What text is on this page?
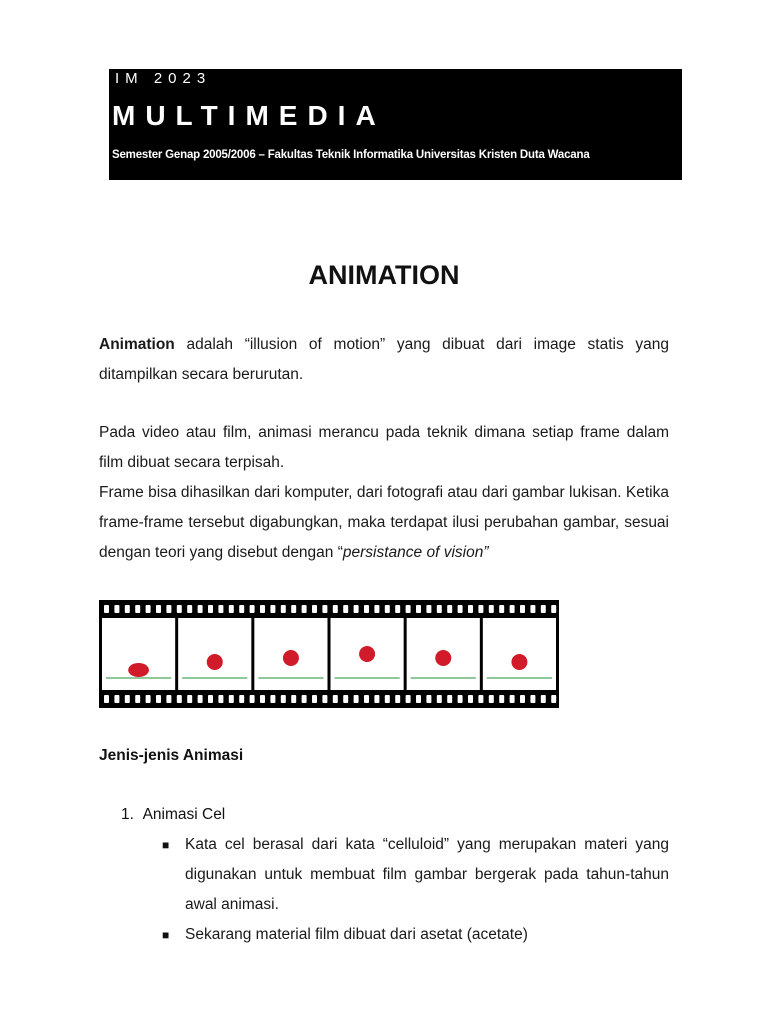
IM 2023
MULTIMEDIA
Semester Genap 2005/2006 – Fakultas Teknik Informatika Universitas Kristen Duta Wacana
ANIMATION
Animation adalah “illusion of motion” yang dibuat dari image statis yang ditampilkan secara berurutan.
Pada video atau film, animasi merancu pada teknik dimana setiap frame dalam film dibuat secara terpisah.
Frame bisa dihasilkan dari komputer, dari fotografi atau dari gambar lukisan. Ketika frame-frame tersebut digabungkan, maka terdapat ilusi perubahan gambar, sesuai dengan teori yang disebut dengan “persistance of vision”
Jenis-jenis Animasi
1. Animasi Cel
■ Kata cel berasal dari kata “celluloid” yang merupakan materi yang digunakan untuk membuat film gambar bergerak pada tahun-tahun awal animasi.
■ Sekarang material film dibuat dari asetat (acetate)
